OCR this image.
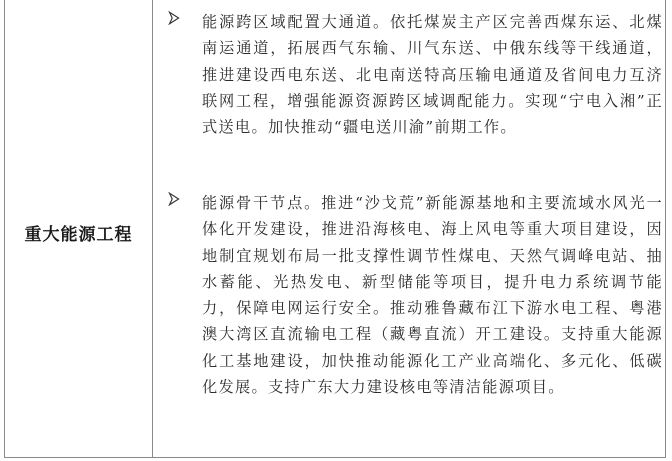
重大能源工程

能源跨区域配置大通道。依托煤炭主产区完善西煤东运、北煤南运通道，拓展西气东输、川气东送、中俄东线等干线通道，推进建设西电东送、北电南送特高压输电通道及省间电力互济联网工程，增强能源资源跨区域调配能力。实现“宁电入湘”正式送电。加快推动“疆电送川渝”前期工作。

能源骨干节点。推进“沙戈荒”新能源基地和主要流域水风光一体化开发建设，推进沿海核电、海上风电等重大项目建设，因地制宜规划布局一批支撑性调节性煤电、天然气调峰电站、抽水蓄能、光热发电、新型储能等项目，提升电力系统调节能力，保障电网运行安全。推动雅鲁藏布江下游水电工程、粤港澳大湾区直流输电工程（藏粤直流）开工建设。支持重大能源化工基地建设，加快推动能源化工产业高端化、多元化、低碳化发展。支持广东大力建设核电等清洁能源项目。
